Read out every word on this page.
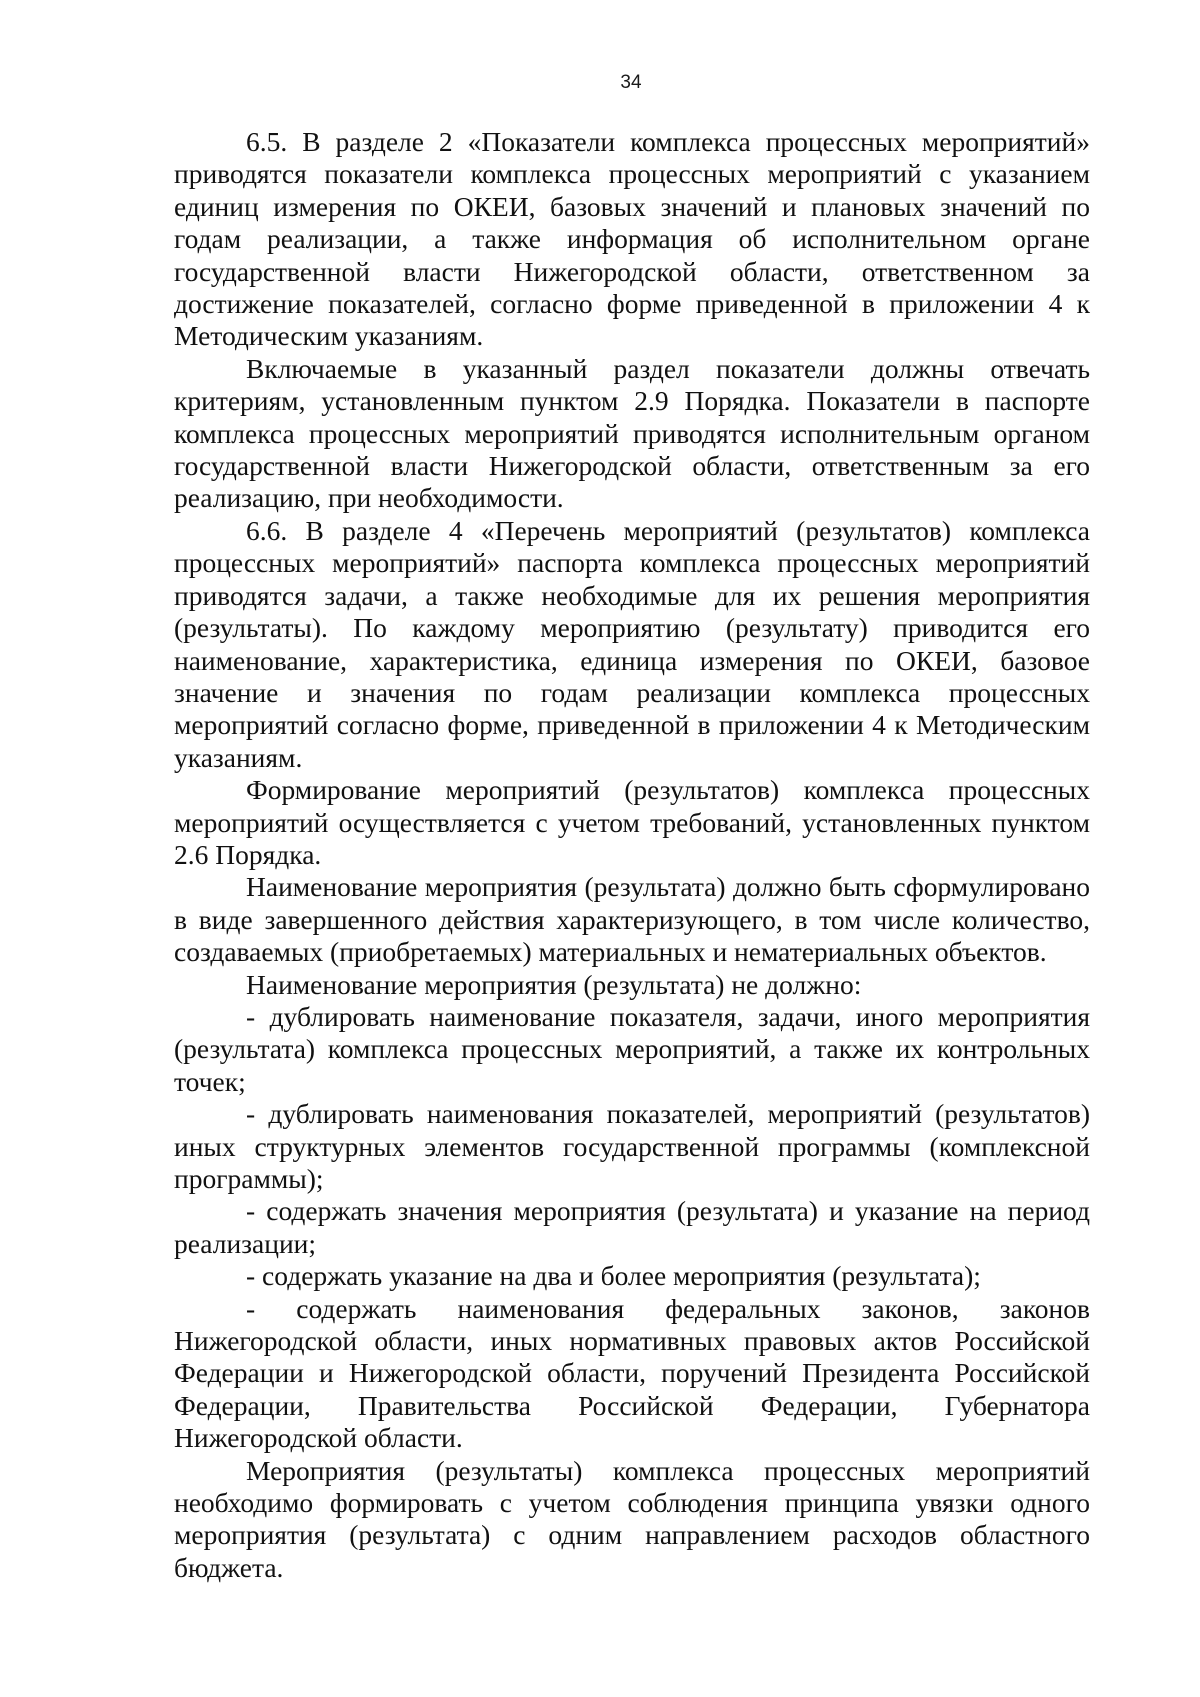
34

6.5. В разделе 2 «Показатели комплекса процессных мероприятий» приводятся показатели комплекса процессных мероприятий с указанием единиц измерения по ОКЕИ, базовых значений и плановых значений по годам реализации, а также информация об исполнительном органе государственной власти Нижегородской области, ответственном за достижение показателей, согласно форме приведенной в приложении 4 к Методическим указаниям.

Включаемые в указанный раздел показатели должны отвечать критериям, установленным пунктом 2.9 Порядка. Показатели в паспорте комплекса процессных мероприятий приводятся исполнительным органом государственной власти Нижегородской области, ответственным за его реализацию, при необходимости.

6.6. В разделе 4 «Перечень мероприятий (результатов) комплекса процессных мероприятий» паспорта комплекса процессных мероприятий приводятся задачи, а также необходимые для их решения мероприятия (результаты). По каждому мероприятию (результату) приводится его наименование, характеристика, единица измерения по ОКЕИ, базовое значение и значения по годам реализации комплекса процессных мероприятий согласно форме, приведенной в приложении 4 к Методическим указаниям.

Формирование мероприятий (результатов) комплекса процессных мероприятий осуществляется с учетом требований, установленных пунктом 2.6 Порядка.

Наименование мероприятия (результата) должно быть сформулировано в виде завершенного действия характеризующего, в том числе количество, создаваемых (приобретаемых) материальных и нематериальных объектов.

Наименование мероприятия (результата) не должно:

- дублировать наименование показателя, задачи, иного мероприятия (результата) комплекса процессных мероприятий, а также их контрольных точек;

- дублировать наименования показателей, мероприятий (результатов) иных структурных элементов государственной программы (комплексной программы);

- содержать значения мероприятия (результата) и указание на период реализации;

- содержать указание на два и более мероприятия (результата);

- содержать наименования федеральных законов, законов Нижегородской области, иных нормативных правовых актов Российской Федерации и Нижегородской области, поручений Президента Российской Федерации, Правительства Российской Федерации, Губернатора Нижегородской области.

Мероприятия (результаты) комплекса процессных мероприятий необходимо формировать с учетом соблюдения принципа увязки одного мероприятия (результата) с одним направлением расходов областного бюджета.
